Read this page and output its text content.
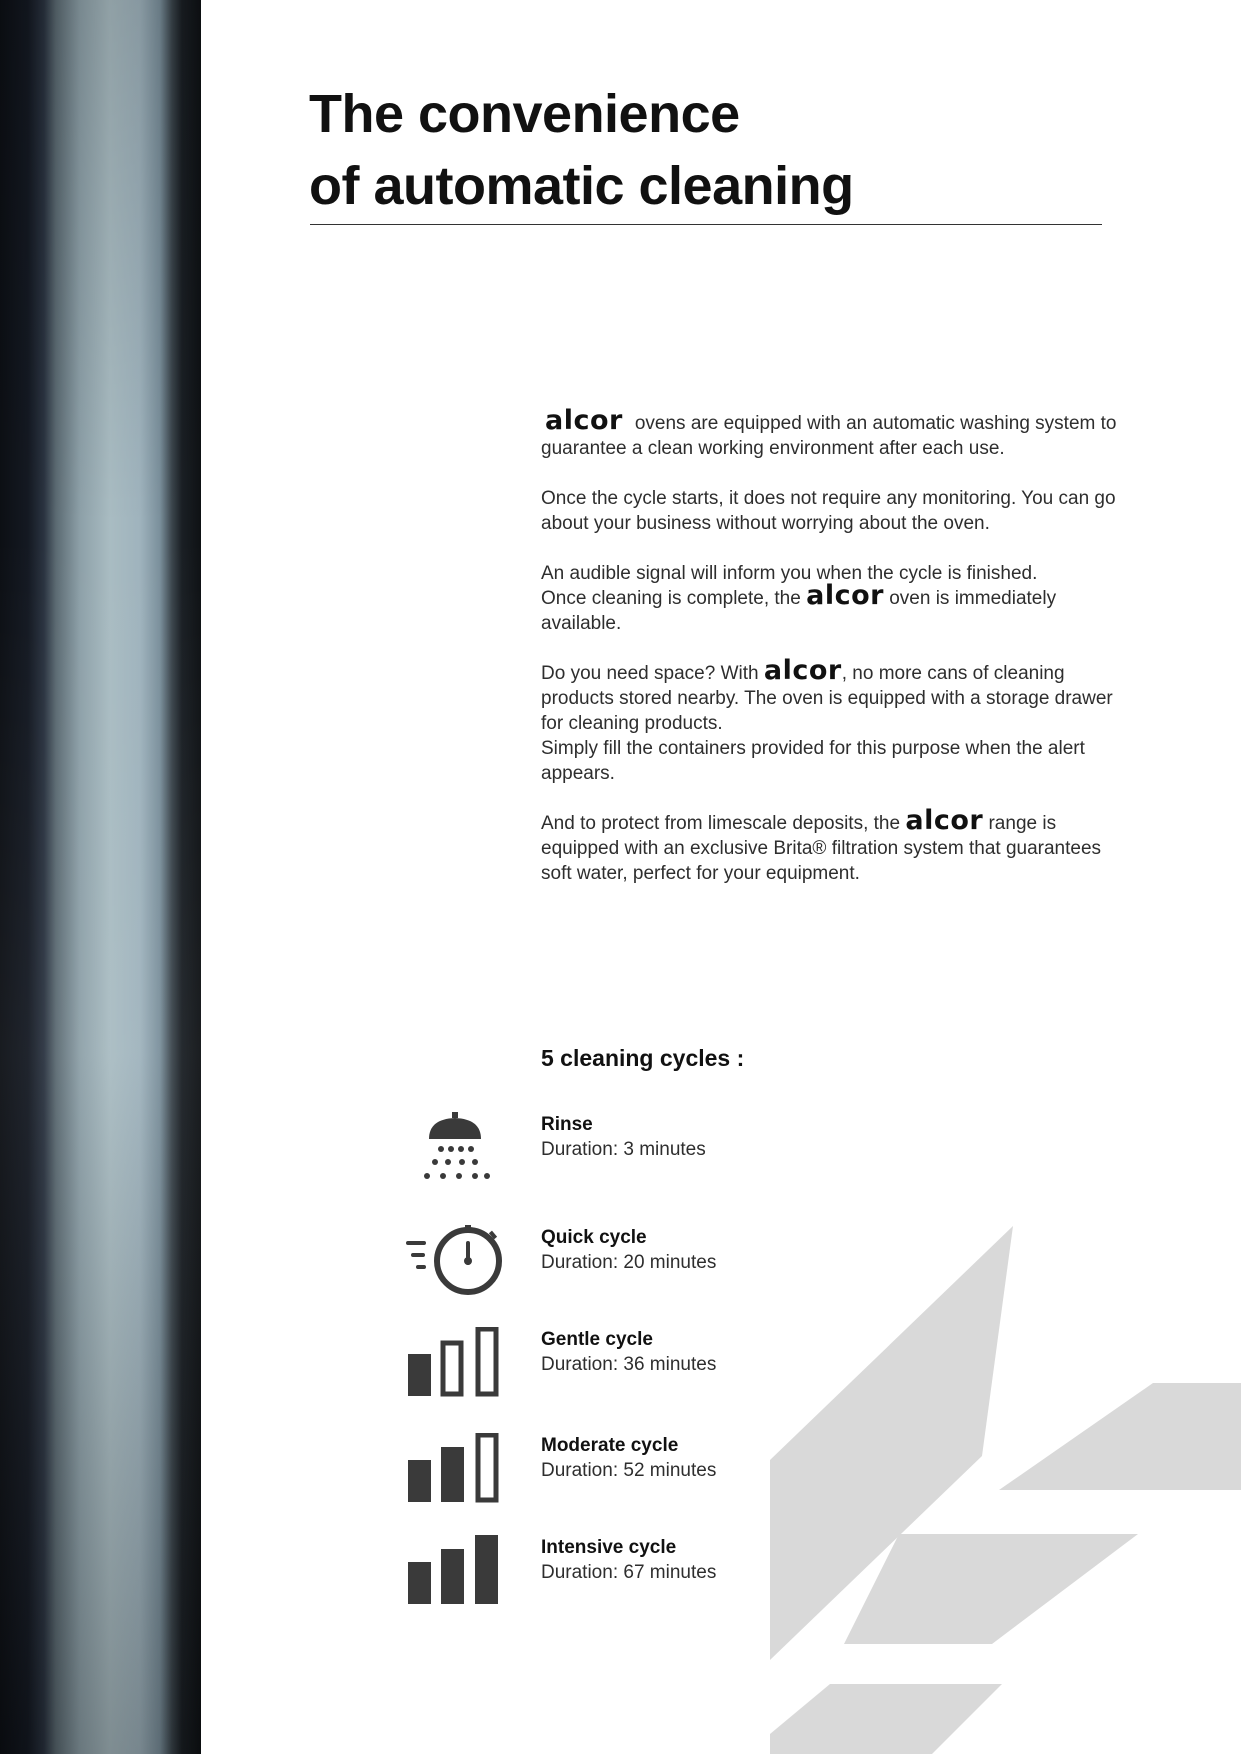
The convenience
of automatic cleaning

alcor ovens are equipped with an automatic washing system to guarantee a clean working environment after each use.

Once the cycle starts, it does not require any monitoring. You can go about your business without worrying about the oven.

An audible signal will inform you when the cycle is finished.
Once cleaning is complete, the alcor oven is immediately available.

Do you need space? With alcor, no more cans of cleaning products stored nearby. The oven is equipped with a storage drawer for cleaning products.
Simply fill the containers provided for this purpose when the alert appears.

And to protect from limescale deposits, the alcor range is equipped with an exclusive Brita® filtration system that guarantees soft water, perfect for your equipment.

5 cleaning cycles :
Rinse
Duration: 3 minutes
Quick cycle
Duration: 20 minutes
Gentle cycle
Duration: 36 minutes
Moderate cycle
Duration: 52 minutes
Intensive cycle
Duration: 67 minutes
